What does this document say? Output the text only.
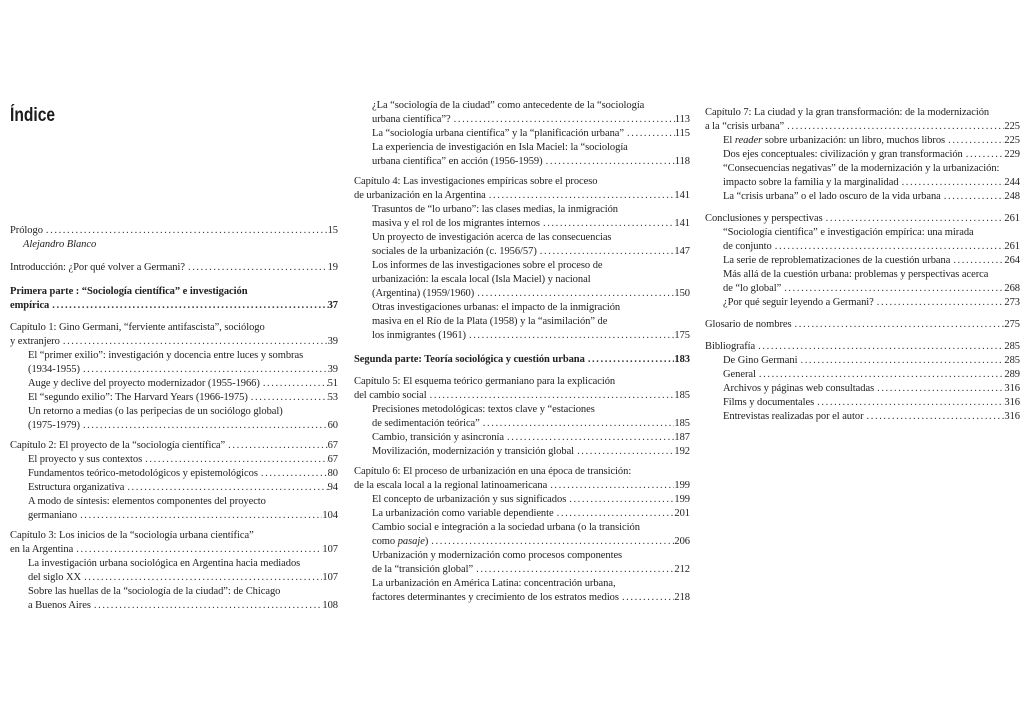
Índice
Prólogo .....	15
Alejandro Blanco
Introducción: ¿Por qué volver a Germani? .....	19
Primera parte : “Sociología científica” e investigación
empírica .....	37
Capítulo 1: Gino Germani, “ferviente antifascista”, sociólogo
y extranjero .....	39
El “primer exilio”: investigación y docencia entre luces y sombras
(1934-1955) .....	39
Auge y declive del proyecto modernizador (1955-1966) .....	51
El “segundo exilio”: The Harvard Years (1966-1975) .....	53
Un retorno a medias (o las peripecias de un sociólogo global)
(1975-1979) .....	60
Capítulo 2: El proyecto de la “sociología científica” .....	67
El proyecto y sus contextos .....	67
Fundamentos teórico-metodológicos y epistemológicos .....	80
Estructura organizativa .....	94
A modo de síntesis: elementos componentes del proyecto
germaniano .....	104
Capítulo 3: Los inicios de la “sociología urbana científica”
en la Argentina .....	107
La investigación urbana sociológica en Argentina hacia mediados
del siglo XX .....	107
Sobre las huellas de la “sociología de la ciudad”: de Chicago
a Buenos Aires .....	108
¿La “sociología de la ciudad” como antecedente de la “sociología
urbana científica”? .....	113
La “sociología urbana científica” y la “planificación urbana” .....	115
La experiencia de investigación en Isla Maciel: la “sociología
urbana científica” en acción (1956-1959) .....	118
Capítulo 4: Las investigaciones empíricas sobre el proceso
de urbanización en la Argentina .....	141
Trasuntos de “lo urbano”: las clases medias, la inmigración
masiva y el rol de los migrantes internos .....	141
Un proyecto de investigación acerca de las consecuencias
sociales de la urbanización (c. 1956/57) .....	147
Los informes de las investigaciones sobre el proceso de
urbanización: la escala local (Isla Maciel) y nacional
(Argentina) (1959/1960) .....	150
Otras investigaciones urbanas: el impacto de la inmigración
masiva en el Río de la Plata (1958) y la “asimilación” de
los inmigrantes (1961) .....	175
Segunda parte: Teoría sociológica y cuestión urbana .....	183
Capítulo 5: El esquema teórico germaniano para la explicación
del cambio social .....	185
Precisiones metodológicas: textos clave y “estaciones
de sedimentación teórica” .....	185
Cambio, transición y asincronía .....	187
Movilización, modernización y transición global .....	192
Capítulo 6: El proceso de urbanización en una época de transición:
de la escala local a la regional latinoamericana .....	199
El concepto de urbanización y sus significados .....	199
La urbanización como variable dependiente .....	201
Cambio social e integración a la sociedad urbana (o la transición
como pasaje) .....	206
Urbanización y modernización como procesos componentes
de la “transición global” .....	212
La urbanización en América Latina: concentración urbana,
factores determinantes y crecimiento de los estratos medios .....	218
Capítulo 7: La ciudad y la gran transformación: de la modernización
a la “crisis urbana” .....	225
El reader sobre urbanización: un libro, muchos libros .....	225
Dos ejes conceptuales: civilización y gran transformación .....	229
“Consecuencias negativas” de la modernización y la urbanización:
impacto sobre la familia y la marginalidad .....	244
La “crisis urbana” o el lado oscuro de la vida urbana .....	248
Conclusiones y perspectivas .....	261
“Sociología científica” e investigación empírica: una mirada
de conjunto .....	261
La serie de reproblematizaciones de la cuestión urbana .....	264
Más allá de la cuestión urbana: problemas y perspectivas acerca
de “lo global” .....	268
¿Por qué seguir leyendo a Germani? .....	273
Glosario de nombres .....	275
Bibliografía .....	285
De Gino Germani .....	285
General .....	289
Archivos y páginas web consultadas .....	316
Films y documentales .....	316
Entrevistas realizadas por el autor .....	316
